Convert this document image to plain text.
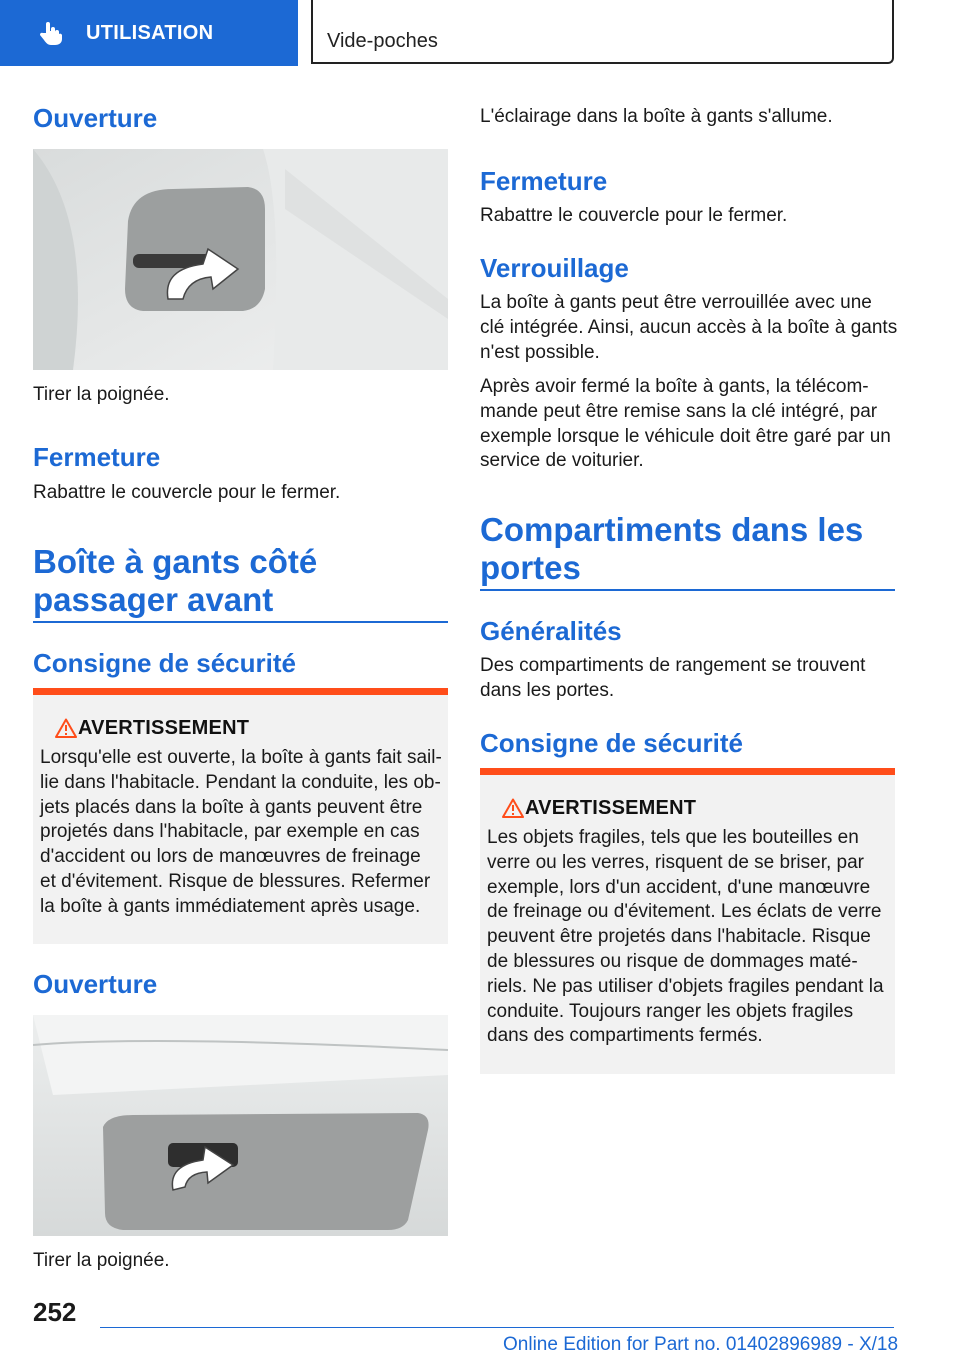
UTILISATION	Vide-poches
Ouverture

Tirer la poignée.

Fermeture

Rabattre le couvercle pour le fermer.

Boîte à gants côté
passager avant
Consigne de sécurité
AVERTISSEMENT
Lorsqu'elle est ouverte, la boîte à gants fait sail‐
lie dans l'habitacle. Pendant la conduite, les ob‐
jets placés dans la boîte à gants peuvent être
projetés dans l'habitacle, par exemple en cas
d'accident ou lors de manœuvres de freinage
et d'évitement. Risque de blessures. Refermer
la boîte à gants immédiatement après usage.
Ouverture

Tirer la poignée.

L'éclairage dans la boîte à gants s'allume.

Fermeture

Rabattre le couvercle pour le fermer.

Verrouillage
La boîte à gants peut être verrouillée avec une
clé intégrée. Ainsi, aucun accès à la boîte à gants
n'est possible.
Après avoir fermé la boîte à gants, la télécom‐
mande peut être remise sans la clé intégré, par
exemple lorsque le véhicule doit être garé par un
service de voiturier.
Compartiments dans les
portes
Généralités
Des compartiments de rangement se trouvent
dans les portes.
Consigne de sécurité
AVERTISSEMENT
Les objets fragiles, tels que les bouteilles en
verre ou les verres, risquent de se briser, par
exemple, lors d'un accident, d'une manœuvre
de freinage ou d'évitement. Les éclats de verre
peuvent être projetés dans l'habitacle. Risque
de blessures ou risque de dommages maté‐
riels. Ne pas utiliser d'objets fragiles pendant la
conduite. Toujours ranger les objets fragiles
dans des compartiments fermés.
252
Online Edition for Part no. 01402896989 - X/18
